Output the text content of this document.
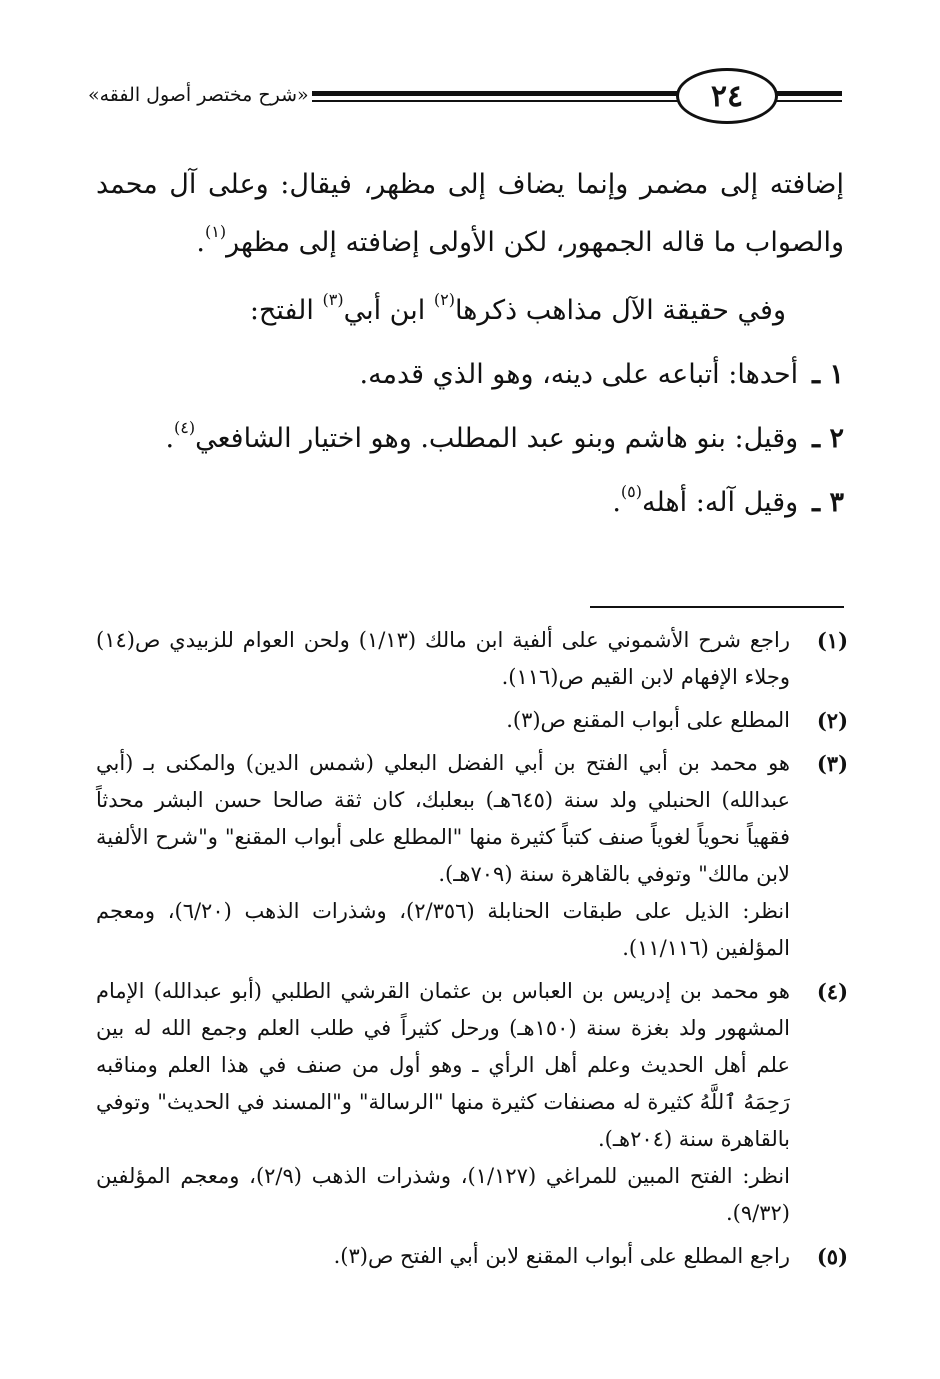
٢٤
«شرح مختصر أصول الفقه»

إضافته إلى مضمر وإنما يضاف إلى مظهر، فيقال: وعلى آل محمد والصواب ما قاله الجمهور، لكن الأولى إضافته إلى مظهر$^{(١)}$.

وفي حقيقة الآل مذاهب ذكرها$^{(٢)}$ ابن أبي$^{(٣)}$ الفتح:

١ ـ
أحدها: أتباعه على دينه، وهو الذي قدمه.

٢ ـ
وقيل: بنو هاشم وبنو عبد المطلب. وهو اختيار الشافعي$^{(٤)}$.

٣ ـ
وقيل آله: أهله$^{(٥)}$.

(١)

راجع شرح الأشموني على ألفية ابن مالك (١/١٣) ولحن العوام للزبيدي ص(١٤) وجلاء الإفهام لابن القيم ص(١١٦).

(٢)

المطلع على أبواب المقنع ص(٣).

(٣)

هو محمد بن أبي الفتح بن أبي الفضل البعلي (شمس الدين) والمكنى بـ (أبي عبدالله) الحنبلي ولد سنة (٦٤٥هـ) ببعلبك، كان ثقة صالحا حسن البشر محدثاً فقهياً نحوياً لغوياً صنف كتباً كثيرة منها "المطلع على أبواب المقنع" و"شرح الألفية لابن مالك" وتوفي بالقاهرة سنة (٧٠٩هـ).

انظر: الذيل على طبقات الحنابلة (٢/٣٥٦)، وشذرات الذهب (٦/٢٠)، ومعجم المؤلفين (١١/١١٦).

(٤)

هو محمد بن إدريس بن العباس بن عثمان القرشي الطلبي (أبو عبدالله) الإمام المشهور ولد بغزة سنة (١٥٠هـ) ورحل كثيراً في طلب العلم وجمع الله له بين علم أهل الحديث وعلم أهل الرأي ـ وهو أول من صنف في هذا العلم ومناقبه رَحِمَهُ ٱللَّهُ كثيرة له مصنفات كثيرة منها "الرسالة" و"المسند في الحديث" وتوفي بالقاهرة سنة (٢٠٤هـ).

انظر: الفتح المبين للمراغي (١/١٢٧)، وشذرات الذهب (٢/٩)، ومعجم المؤلفين (٩/٣٢).

(٥)

راجع المطلع على أبواب المقنع لابن أبي الفتح ص(٣).
